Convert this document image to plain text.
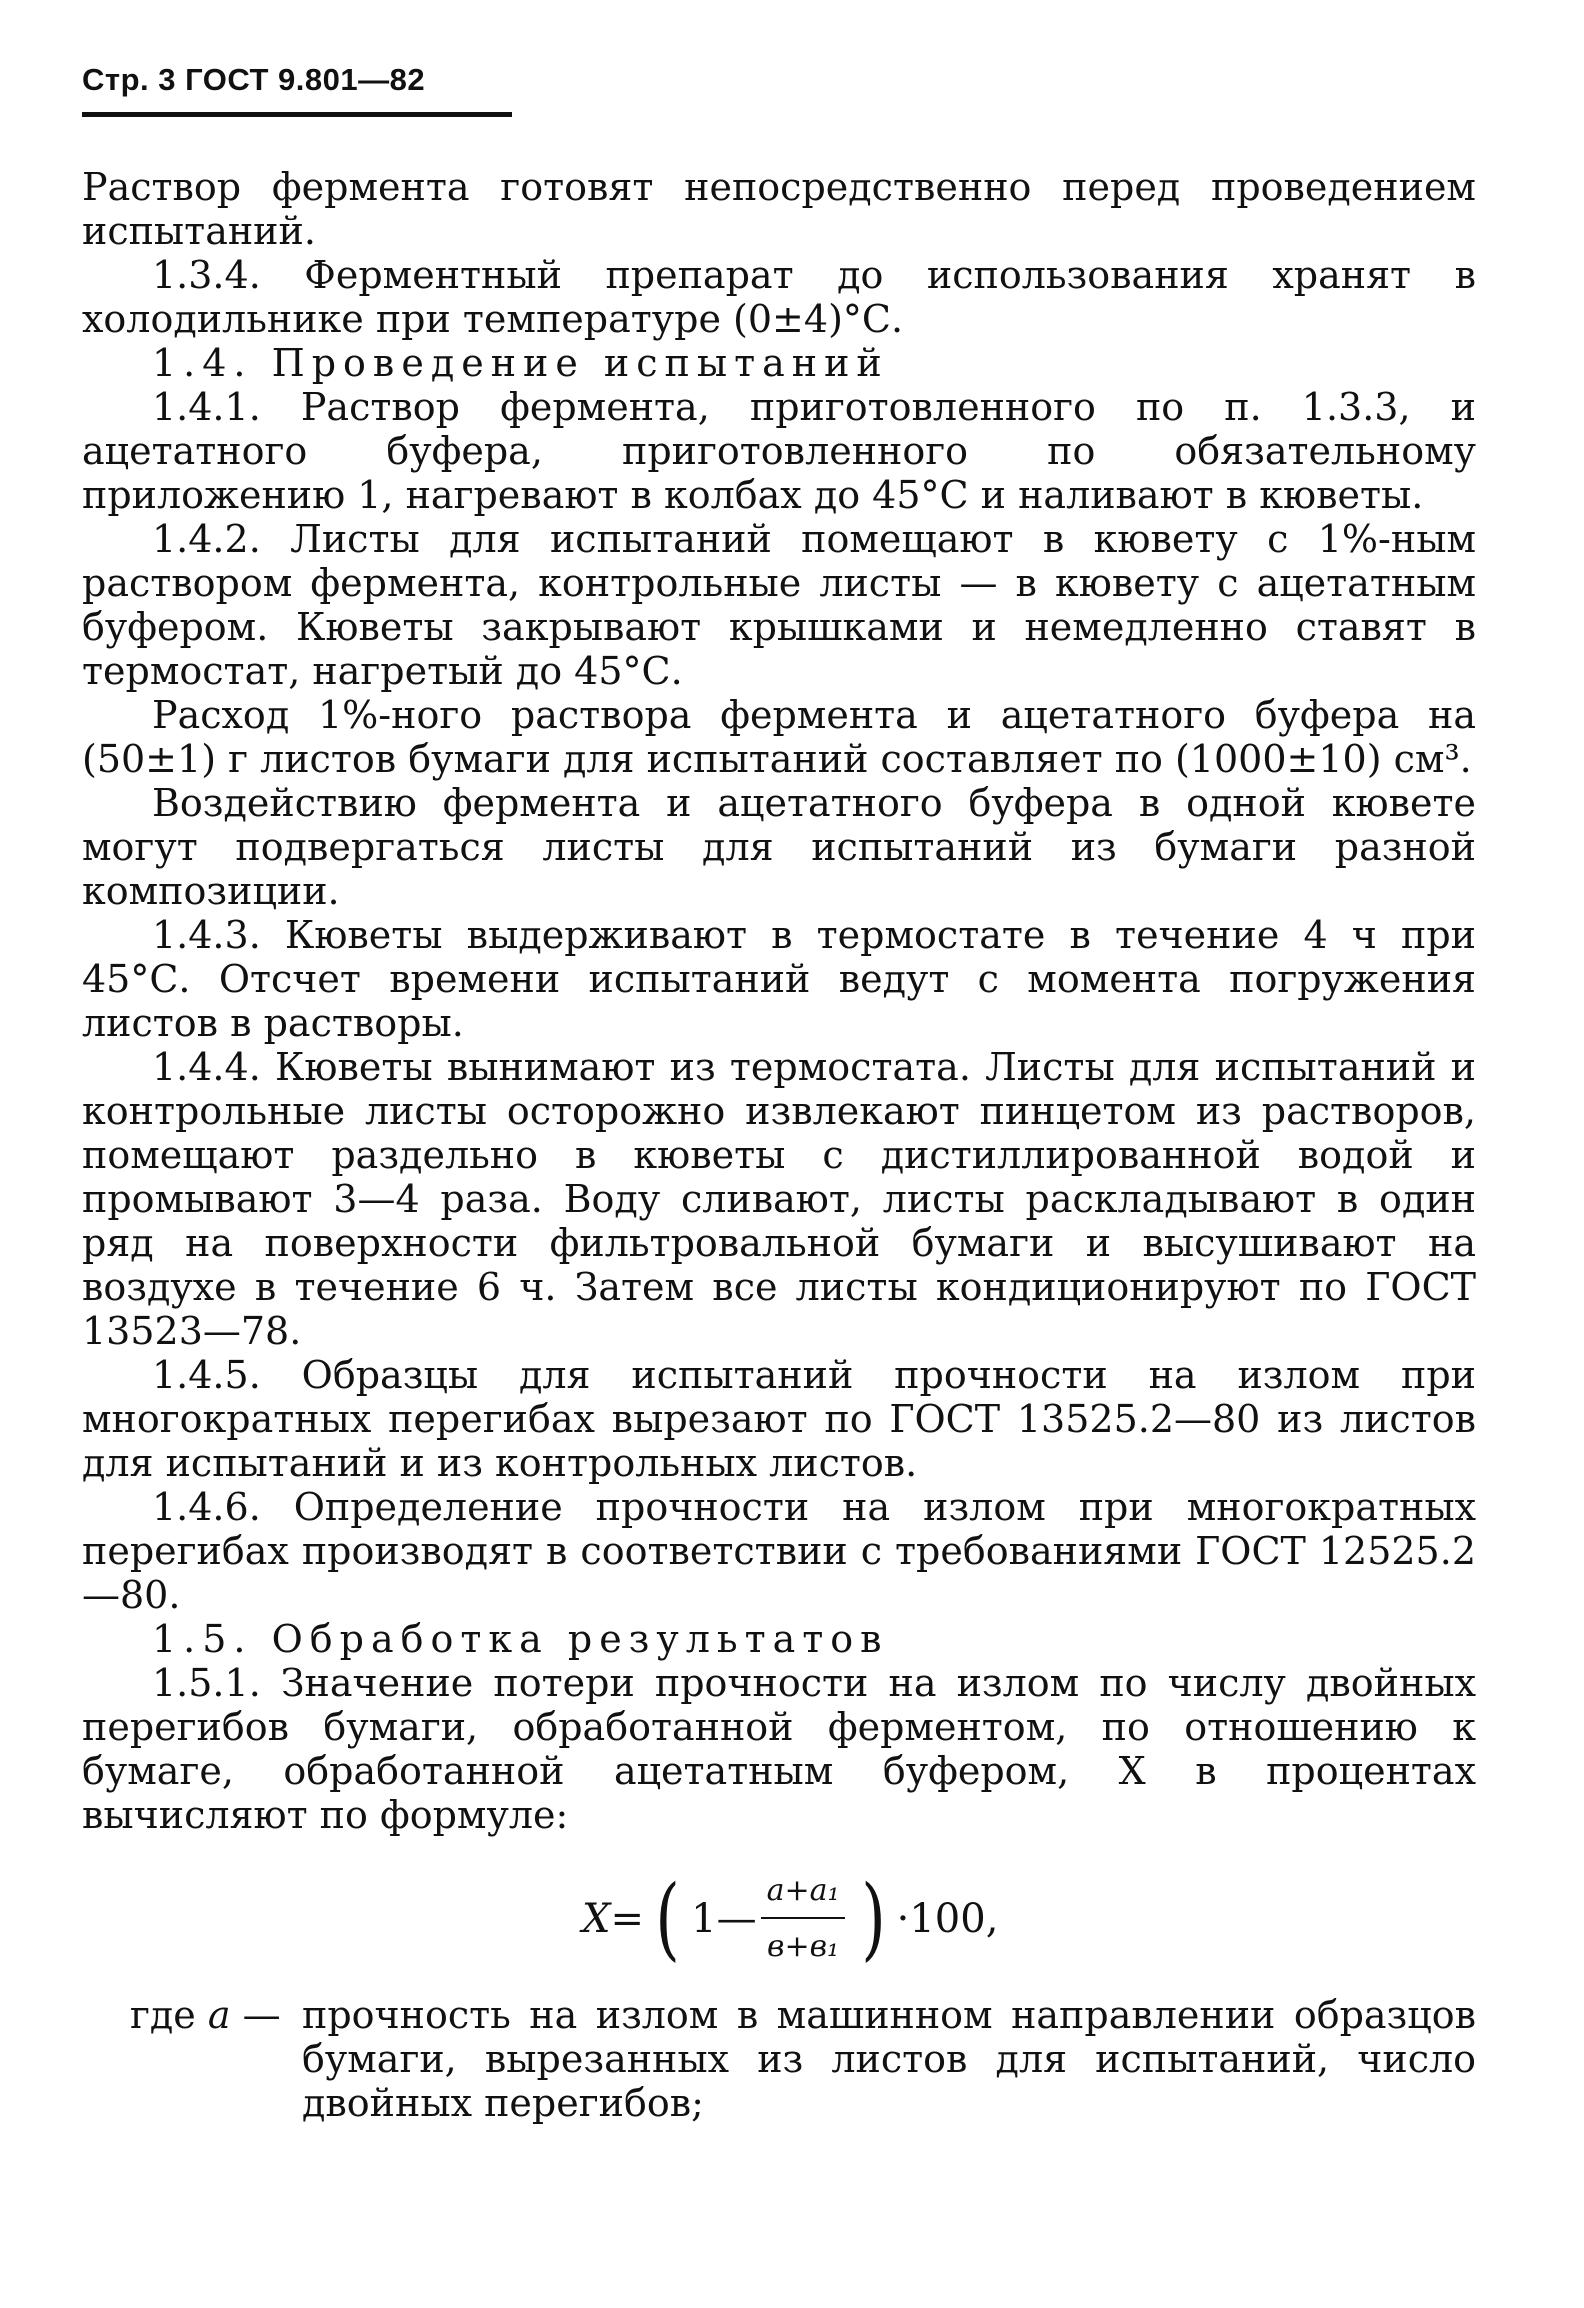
Стр. 3 ГОСТ 9.801—82

Раствор фермента готовят непосредственно перед проведением испытаний.

1.3.4. Ферментный препарат до использования хранят в холодильнике при температуре (0±4)°С.

1.4. Проведение испытаний

1.4.1. Раствор фермента, приготовленного по п. 1.3.3, и ацетатного буфера, приготовленного по обязательному приложению 1, нагревают в колбах до 45°С и наливают в кюветы.

1.4.2. Листы для испытаний помещают в кювету с 1%-ным раствором фермента, контрольные листы — в кювету с ацетатным буфером. Кюветы закрывают крышками и немедленно ставят в термостат, нагретый до 45°С.

Расход 1%-ного раствора фермента и ацетатного буфера на (50±1) г листов бумаги для испытаний составляет по (1000±10) см³.

Воздействию фермента и ацетатного буфера в одной кювете могут подвергаться листы для испытаний из бумаги разной композиции.

1.4.3. Кюветы выдерживают в термостате в течение 4 ч при 45°С. Отсчет времени испытаний ведут с момента погружения листов в растворы.

1.4.4. Кюветы вынимают из термостата. Листы для испытаний и контрольные листы осторожно извлекают пинцетом из растворов, помещают раздельно в кюветы с дистиллированной водой и промывают 3—4 раза. Воду сливают, листы раскладывают в один ряд на поверхности фильтровальной бумаги и высушивают на воздухе в течение 6 ч. Затем все листы кондиционируют по ГОСТ 13523—78.

1.4.5. Образцы для испытаний прочности на излом при многократных перегибах вырезают по ГОСТ 13525.2—80 из листов для испытаний и из контрольных листов.

1.4.6. Определение прочности на излом при многократных перегибах производят в соответствии с требованиями ГОСТ 12525.2—80.

1.5. Обработка результатов

1.5.1. Значение потери прочности на излом по числу двойных перегибов бумаги, обработанной ферментом, по отношению к бумаге, обработанной ацетатным буфером, X в процентах вычисляют по формуле:

X= ( 1— $\frac{\text{a+a₁}}{\text{в+в₁}}$ ) ·100,
где a — прочность на излом в машинном направлении образцов бумаги, вырезанных из листов для испытаний, число двойных перегибов;
